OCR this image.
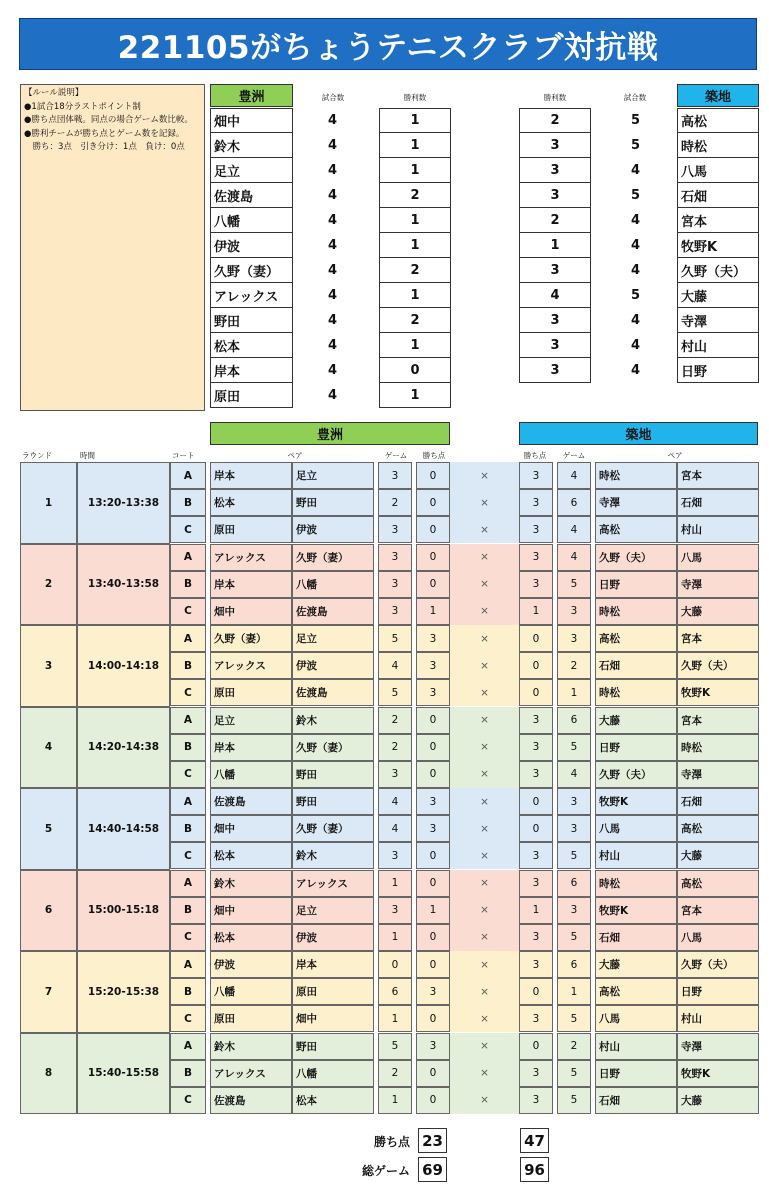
221105がちょうテニスクラブ対抗戦
【ルール説明】
●1試合18分ラストポイント制
●勝ち点団体戦。同点の場合ゲーム数比較。
●勝利チームが勝ち点とゲーム数を記録。
　勝ち：3点　引き分け：1点　負け：0点
豊洲	築地
試合数	勝利数	勝利数	試合数
畑中	4	1
鈴木	4	1
足立	4	1
佐渡島	4	2
八幡	4	1
伊波	4	1
久野（妻）	4	2
アレックス	4	1
野田	4	2
松本	4	1
岸本	4	0
原田	4	1
2	5	高松
3	5	時松
3	4	八馬
3	5	石畑
2	4	宮本
1	4	牧野K
3	4	久野（夫）
4	5	大藤
3	4	寺澤
3	4	村山
3	4	日野
豊洲	築地
ラウンド	時間	コート	ペア	ゲーム	勝ち点	勝ち点	ゲーム	ペア
1	13:20-13:38
A	岸本	足立	3	0	×	3	4	時松	宮本
B	松本	野田	2	0	×	3	6	寺澤	石畑
C	原田	伊波	3	0	×	3	4	高松	村山
2	13:40-13:58
A	アレックス	久野（妻）	3	0	×	3	4	久野（夫）	八馬
B	岸本	八幡	3	0	×	3	5	日野	寺澤
C	畑中	佐渡島	3	1	×	1	3	時松	大藤
3	14:00-14:18
A	久野（妻）	足立	5	3	×	0	3	高松	宮本
B	アレックス	伊波	4	3	×	0	2	石畑	久野（夫）
C	原田	佐渡島	5	3	×	0	1	時松	牧野K
4	14:20-14:38
A	足立	鈴木	2	0	×	3	6	大藤	宮本
B	岸本	久野（妻）	2	0	×	3	5	日野	時松
C	八幡	野田	3	0	×	3	4	久野（夫）	寺澤
5	14:40-14:58
A	佐渡島	野田	4	3	×	0	3	牧野K	石畑
B	畑中	久野（妻）	4	3	×	0	3	八馬	高松
C	松本	鈴木	3	0	×	3	5	村山	大藤
6	15:00-15:18
A	鈴木	アレックス	1	0	×	3	6	時松	高松
B	畑中	足立	3	1	×	1	3	牧野K	宮本
C	松本	伊波	1	0	×	3	5	石畑	八馬
7	15:20-15:38
A	伊波	岸本	0	0	×	3	6	大藤	久野（夫）
B	八幡	原田	6	3	×	0	1	高松	日野
C	原田	畑中	1	0	×	3	5	八馬	村山
8	15:40-15:58
A	鈴木	野田	5	3	×	0	2	村山	寺澤
B	アレックス	八幡	2	0	×	3	5	日野	牧野K
C	佐渡島	松本	1	0	×	3	5	石畑	大藤
勝ち点 23	47
総ゲーム 69	96
